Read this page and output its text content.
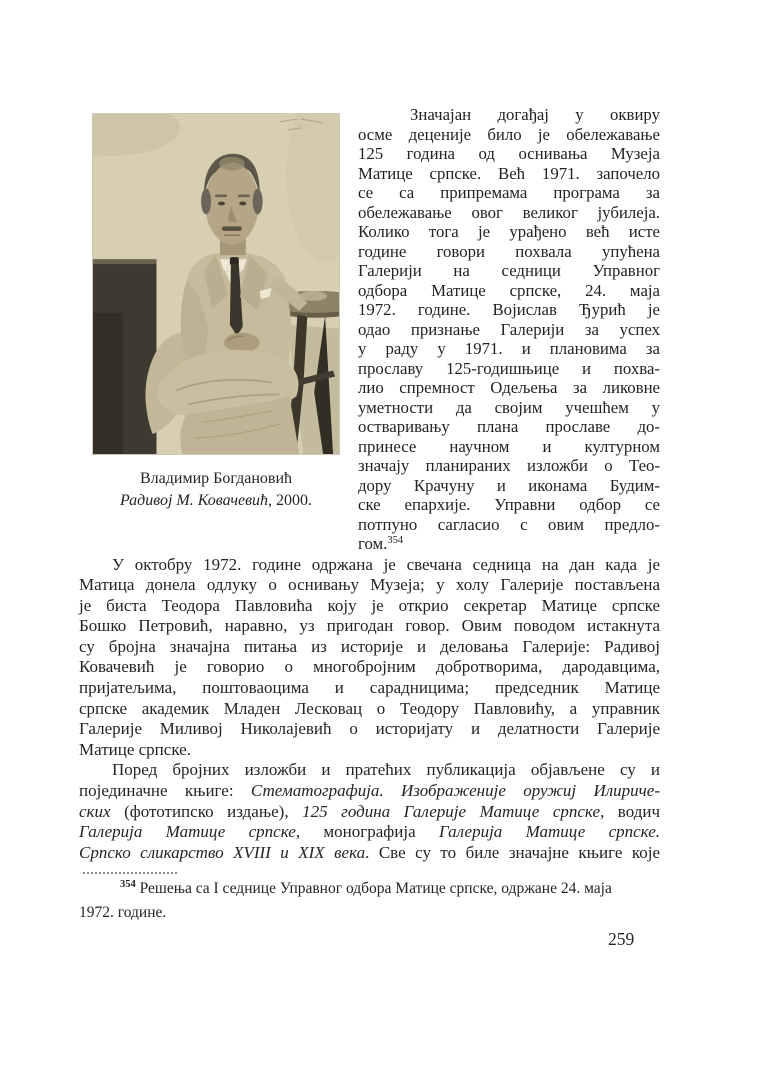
Владимир Богдановић
Радивој М. Ковачевић, 2000.
Значајан догађај у оквиру
осме деценије било је обележавање
125 година од оснивања Музеја
Матице српске. Већ 1971. започело
се са припремама програма за
обележавање овог великог јубилеја.
Колико тога је урађено већ исте
године говори похвала упућена
Галерији на седници Управног
одбора Матице српске, 24. маја
1972. године. Војислав Ђурић је
одао признање Галерији за успех
у раду у 1971. и плановима за
прославу 125-годишњице и похва-
лио спремност Одељења за ликовне
уметности да својим учешћем у
остваривању плана прославе до-
принесе научном и културном
значају планираних изложби о Тео-
дору Крачуну и иконама Будим-
ске епархије. Управни одбор се
потпуно сагласио с овим предло-
гом.$^{354}$
У октобру 1972. године одржана је свечана седница на дан када је
Матица донела одлуку о оснивању Музеја; у холу Галерије постављена
је биста Теодора Павловића коју је открио секретар Матице српске
Бошко Петровић, наравно, уз пригодан говор. Овим поводом истакнута
су бројна значајна питања из историје и деловања Галерије: Радивој
Ковачевић је говорио о многобројним добротворима, дародавцима,
пријатељима, поштоваоцима и сарадницима; председник Матице
српске академик Младен Лесковац о Теодору Павловићу, а управник
Галерије Миливој Николајевић о историјату и делатности Галерије
Матице српске.
Поред бројних изложби и пратећих публикација објављене су и
појединачне књиге: Стематографија. Изображеније оружиј Илириче-
ских (фототипско издање), 125 година Галерије Матице српске, водич
Галерија Матице српске, монографија Галерија Матице српске.
Српско сликарство XVIII и XIX века. Све су то биле значајне књиге које
$^{354}$ Решења са I седнице Управног одбора Матице српске, одржане 24. маја
1972. године.
259
